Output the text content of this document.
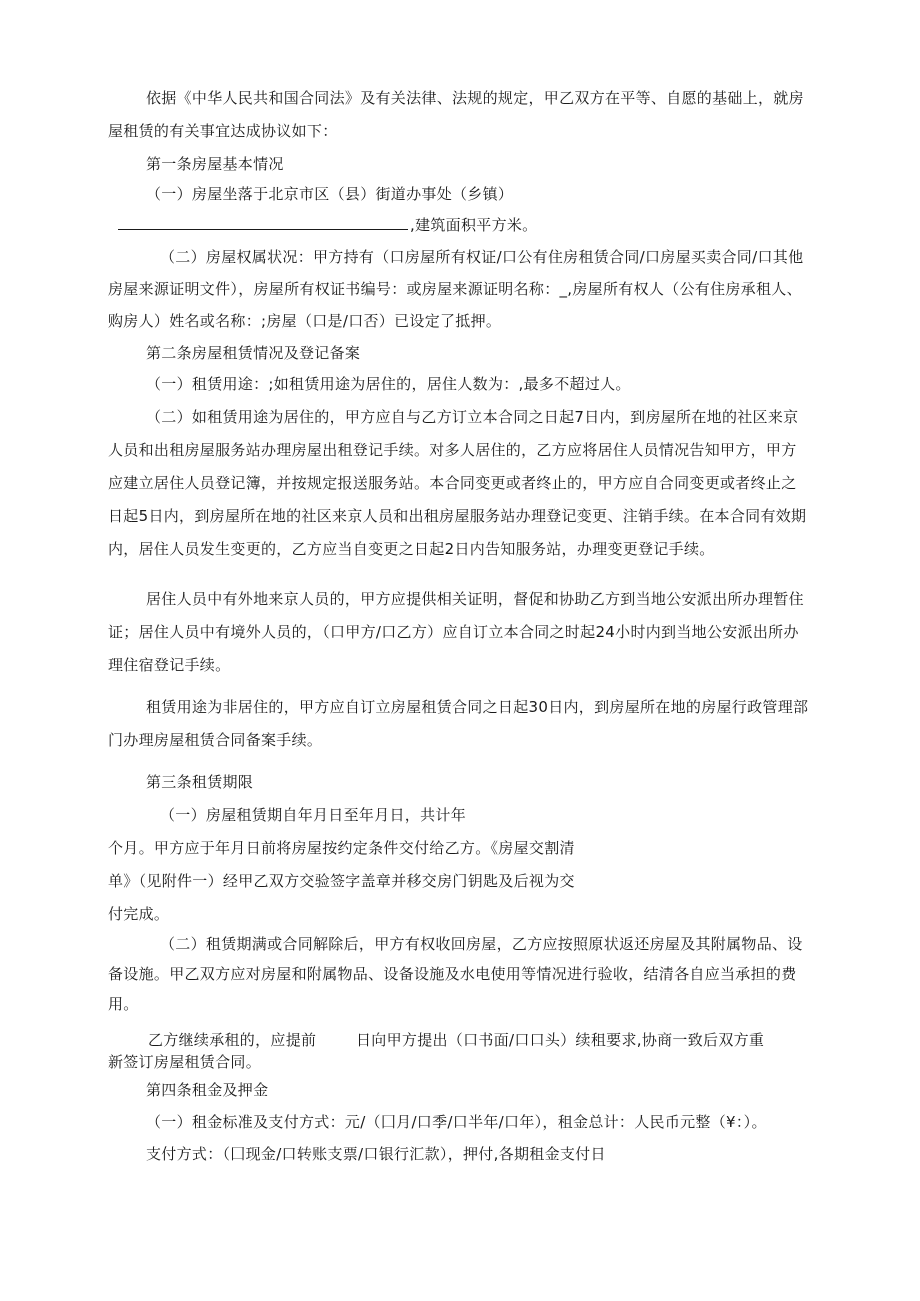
依据《中华人民共和国合同法》及有关法律、法规的规定，甲乙双方在平等、自愿的基础上，就房
屋租赁的有关事宜达成协议如下：
第一条房屋基本情况
（一）房屋坐落于北京市区（县）街道办事处（乡镇）
,建筑面积平方米。
（二）房屋权属状况：甲方持有（口房屋所有权证/口公有住房租赁合同/口房屋买卖合同/口其他
房屋来源证明文件），房屋所有权证书编号：或房屋来源证明名称：_,房屋所有权人（公有住房承租人、
购房人）姓名或名称：;房屋（口是/口否）已设定了抵押。
第二条房屋租赁情况及登记备案
（一）租赁用途：;如租赁用途为居住的，居住人数为：,最多不超过人。
（二）如租赁用途为居住的，甲方应自与乙方订立本合同之日起7日内，到房屋所在地的社区来京
人员和出租房屋服务站办理房屋出租登记手续。对多人居住的，乙方应将居住人员情况告知甲方，甲方
应建立居住人员登记簿，并按规定报送服务站。本合同变更或者终止的，甲方应自合同变更或者终止之
日起5日内，到房屋所在地的社区来京人员和出租房屋服务站办理登记变更、注销手续。在本合同有效期
内，居住人员发生变更的，乙方应当自变更之日起2日内告知服务站，办理变更登记手续。
居住人员中有外地来京人员的，甲方应提供相关证明，督促和协助乙方到当地公安派出所办理暂住
证；居住人员中有境外人员的，（口甲方/口乙方）应自订立本合同之时起24小时内到当地公安派出所办
理住宿登记手续。
租赁用途为非居住的，甲方应自订立房屋租赁合同之日起30日内，到房屋所在地的房屋行政管理部
门办理房屋租赁合同备案手续。
第三条租赁期限
（一）房屋租赁期自年月日至年月日，共计年
个月。甲方应于年月日前将房屋按约定条件交付给乙方。《房屋交割清
单》（见附件一）经甲乙双方交验签字盖章并移交房门钥匙及后视为交
付完成。
（二）租赁期满或合同解除后，甲方有权收回房屋，乙方应按照原状返还房屋及其附属物品、设
备设施。甲乙双方应对房屋和附属物品、设备设施及水电使用等情况进行验收，结清各自应当承担的费
用。
乙方继续承租的，应提前	日向甲方提出（口书面/口口头）续租要求,协商一致后双方重
新签订房屋租赁合同。
第四条租金及押金
（一）租金标准及支付方式：元/（囗月/口季/口半年/口年），租金总计：人民币元整（¥：）。
支付方式：（囗现金/口转账支票/口银行汇款），押付,各期租金支付日
